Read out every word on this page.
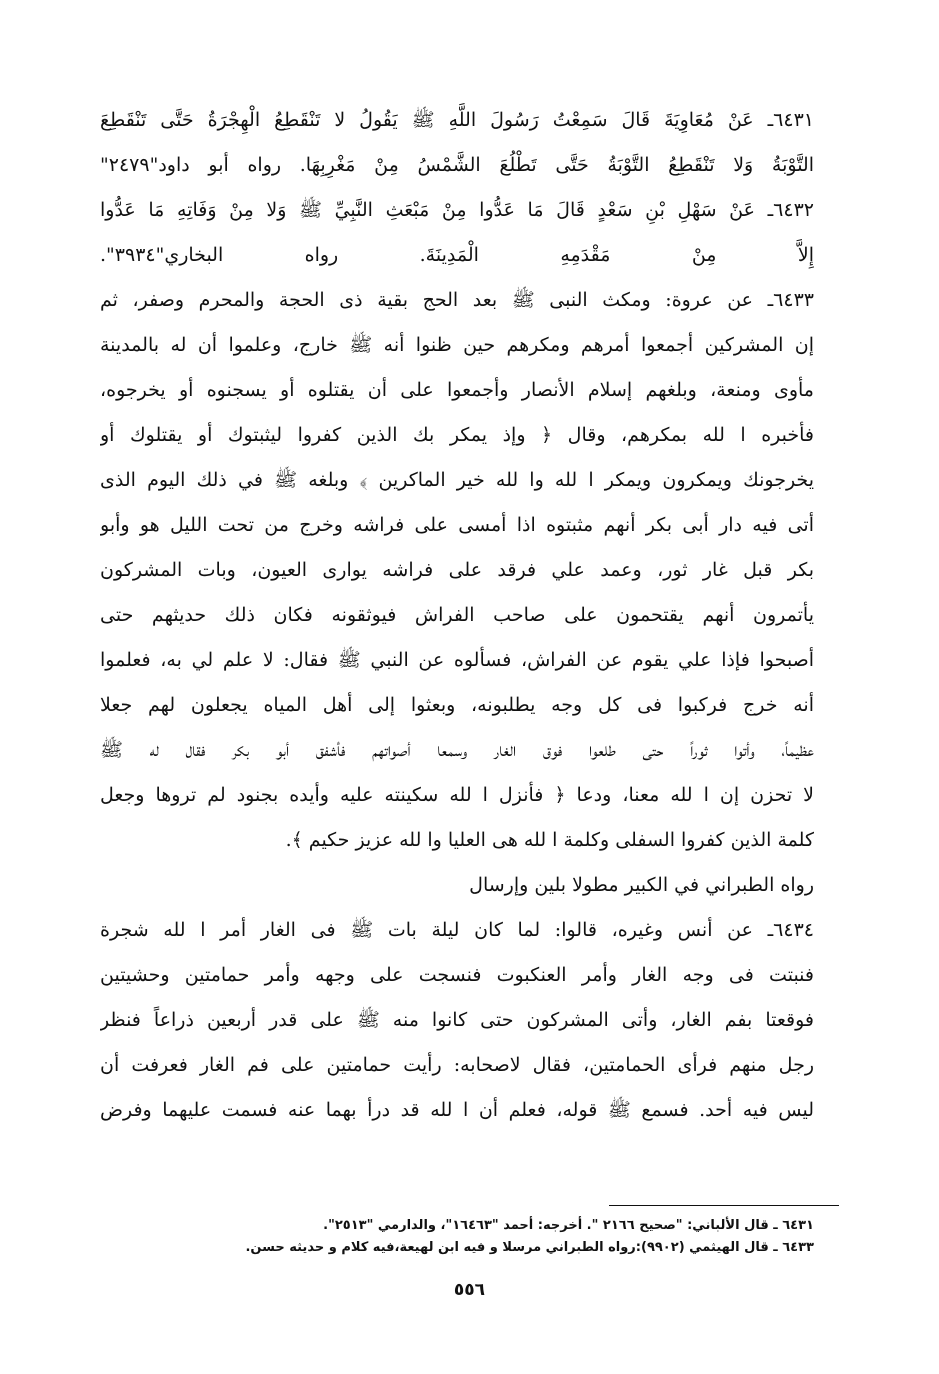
٦٤٣١ـ عَنْ مُعَاوِيَةَ قَالَ سَمِعْتُ رَسُولَ اللَّهِ ﷺ يَقُولُ لا تَنْقَطِعُ الْهِجْرَةُ حَتَّى تَنْقَطِعَ
التَّوْبَةُ وَلا تَنْقَطِعُ التَّوْبَةُ حَتَّى تَطْلُعَ الشَّمْسُ مِنْ مَغْرِبِهَا. رواه أبو داود"٢٤٧٩"
٦٤٣٢ـ عَنْ سَهْلِ بْنِ سَعْدٍ قَالَ مَا عَدُّوا مِنْ مَبْعَثِ النَّبِيِّ ﷺ وَلا مِنْ وَفَاتِهِ مَا عَدُّوا
إِلاَّ مِنْ مَقْدَمِهِ الْمَدِينَةَ. رواه البخاري"٣٩٣٤".
٦٤٣٣ـ عن عروة: ومكث النبى ﷺ بعد الحج بقية ذى الحجة والمحرم وصفر، ثم
إن المشركين أجمعوا أمرهم ومكرهم حين ظنوا أنه ﷺ خارج، وعلموا أن له بالمدينة
مأوى ومنعة، وبلغهم إسلام الأنصار وأجمعوا على أن يقتلوه أو يسجنوه أو يخرجوه،
فأخبره ا لله بمكرهم، وقال ﴿ وإذ يمكر بك الذين كفروا ليثبتوك أو يقتلوك أو
يخرجونك ويمكرون ويمكر ا لله وا لله خير الماكرين ﴾ وبلغه ﷺ في ذلك اليوم الذى
أتى فيه دار أبى بكر أنهم مثبتوه اذا أمسى على فراشه وخرج من تحت الليل هو وأبو
بكر قبل غار ثور، وعمد علي فرقد على فراشه يوارى العيون، وبات المشركون
يأتمرون أنهم يقتحمون على صاحب الفراش فيوثقونه فكان ذلك حديثهم حتى
أصبحوا فإذا علي يقوم عن الفراش، فسألوه عن النبي ﷺ فقال: لا علم لي به، فعلموا
أنه خرج فركبوا فى كل وجه يطلبونه، وبعثوا إلى أهل المياه يجعلون لهم جعلا
عظيماً، وأتوا ثوراً حتى طلعوا فوق الغار وسمعا أصواتهم فأشفق أبو بكر فقال له ﷺ
لا تحزن إن ا لله معنا، ودعا ﴿ فأنزل ا لله سكينته عليه وأيده بجنود لم تروها وجعل
كلمة الذين كفروا السفلى وكلمة ا لله هى العليا وا لله عزيز حكيم ﴾.
رواه الطبراني في الكبير مطولا بلين وإرسال
٦٤٣٤ـ عن أنس وغيره، قالوا: لما كان ليلة بات ﷺ فى الغار أمر ا لله شجرة
فنبتت فى وجه الغار وأمر العنكبوت فنسجت على وجهه وأمر حمامتين وحشيتين
فوقعتا بفم الغار، وأتى المشركون حتى كانوا منه ﷺ على قدر أربعين ذراعاً فنظر
رجل منهم فرأى الحمامتين، فقال لاصحابه: رأيت حمامتين على فم الغار فعرفت أن
ليس فيه أحد. فسمع ﷺ قوله، فعلم أن ا لله قد درأ بهما عنه فسمت عليهما وفرض
٦٤٣١ ـ قال الألباني: "صحيح ٢١٦٦ ". أخرجه: أحمد "١٦٤٦٣"، والدارمي "٢٥١٣".
٦٤٣٣ ـ قال الهيثمي (٩٩٠٢):رواه الطبراني مرسلا و فيه ابن لهيعة،فيه كلام و حديثه حسن.
٥٥٦
